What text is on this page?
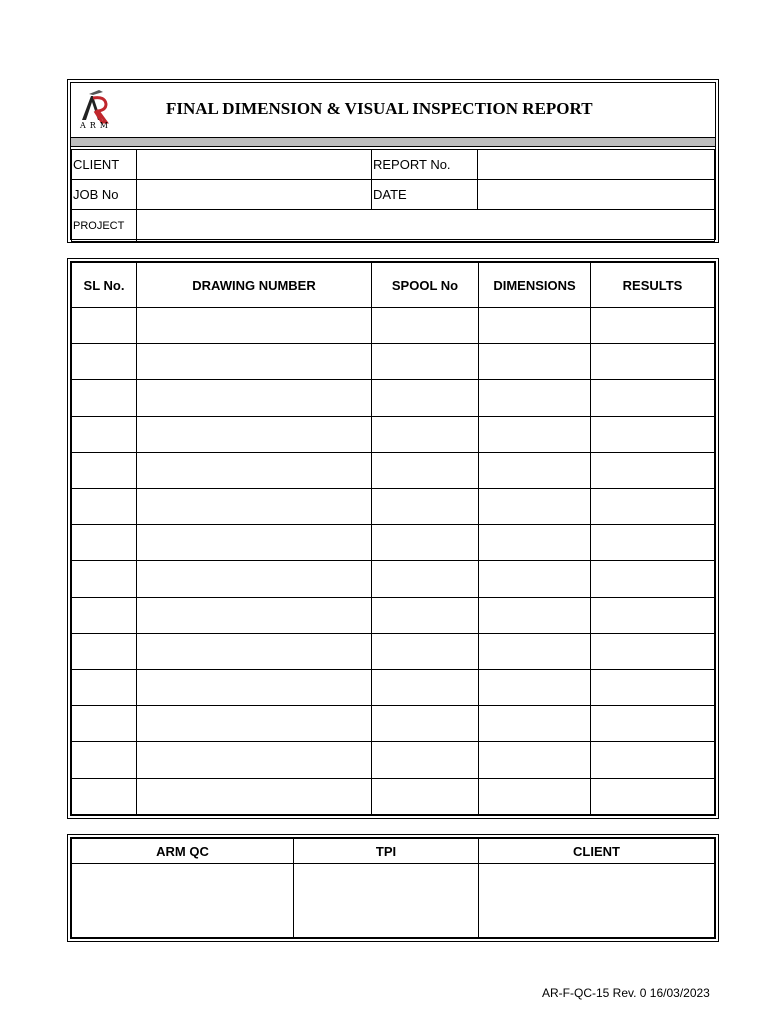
ARM
FINAL DIMENSION & VISUAL INSPECTION REPORT
CLIENT		REPORT No.	
JOB No		DATE	
PROJECT			
SL No.	DRAWING NUMBER	SPOOL No	DIMENSIONS	RESULTS

ARM QC	TPI	CLIENT

AR-F-QC-15 Rev. 0 16/03/2023
